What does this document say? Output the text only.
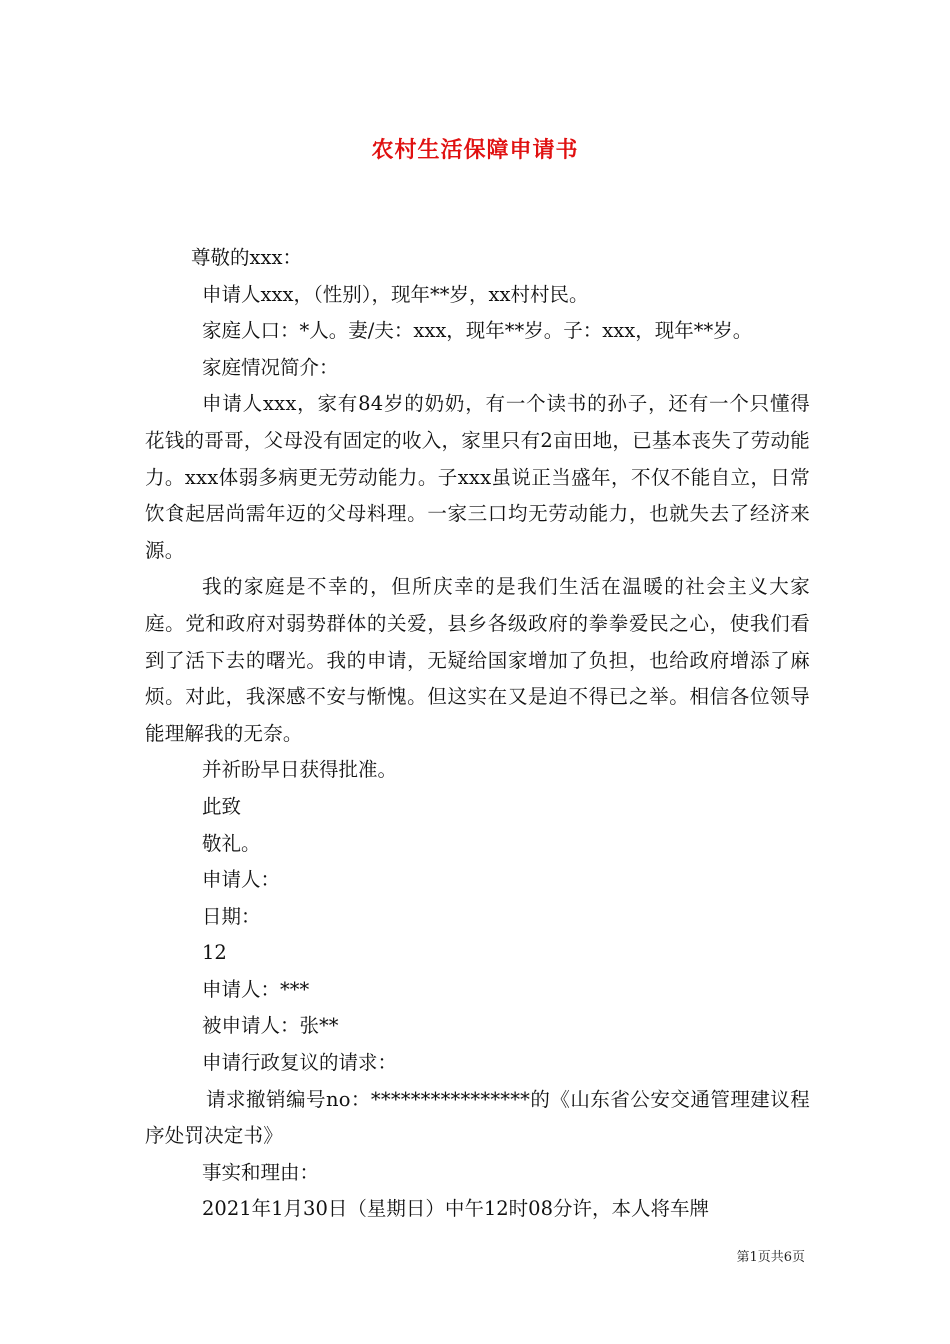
农村生活保障申请书

尊敬的xxx：

申请人xxx，（性别），现年**岁，xx村村民。

家庭人口：*人。妻/夫：xxx，现年**岁。子：xxx，现年**岁。

家庭情况简介：

申请人xxx，家有84岁的奶奶，有一个读书的孙子，还有一个只懂得花钱的哥哥，父母没有固定的收入，家里只有2亩田地，已基本丧失了劳动能力。xxx体弱多病更无劳动能力。子xxx虽说正当盛年，不仅不能自立，日常饮食起居尚需年迈的父母料理。一家三口均无劳动能力，也就失去了经济来源。

我的家庭是不幸的，但所庆幸的是我们生活在温暖的社会主义大家庭。党和政府对弱势群体的关爱，县乡各级政府的拳拳爱民之心，使我们看到了活下去的曙光。我的申请，无疑给国家增加了负担，也给政府增添了麻烦。对此，我深感不安与惭愧。但这实在又是迫不得已之举。相信各位领导能理解我的无奈。

并祈盼早日获得批准。

此致

敬礼。

申请人：

日期：

12

申请人：***

被申请人：张**

申请行政复议的请求：

请求撤销编号no：****************的《山东省公安交通管理建议程序处罚决定书》

事实和理由：

2021年1月30日（星期日）中午12时08分许，本人将车牌

第1页共6页
